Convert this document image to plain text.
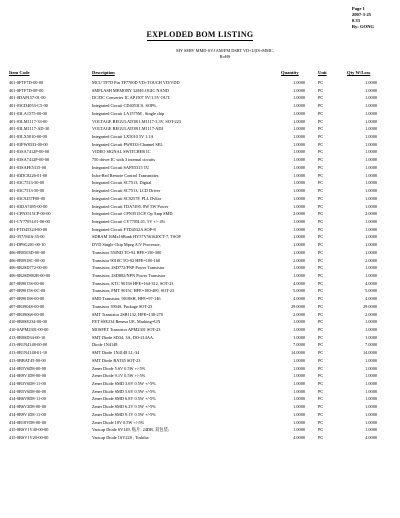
Page 1
2007-3-25
0.33
By: GONG
EXPLODED BOM LISTING
MY SERV MMD-SVJ AM/FM DSRT VD+U(IS+MMC,
RoHS
Item Code	Description	Quantity	Unit	Qty W/Loss
401-0FTF7D-00-00	MCU TF7D Pin TF7700D VD+TOUCH VD/VDD	1.0000	PC	1.0000
401-0FTF7D-0F-00	SMFLASH MEMORY 32M/LOGIC NAND	1.0000	PC	1.0000
401-0DAP157-01-00	DC/DC Converter IC AP1507 5V/1.5V OUT,	1.0000	PC	1.0000
401-03CD4053-C5-00	Integrated Circuit CD4053CS, SOP6,	1.0000	PC	1.0000
401-03LA1575-00-00	Integrated Circuit LA1575M , Single chip	1.0000	PC	1.0000
401-03LM1117-33-00	VOLTAGE REGULATOR LM1117-3.3V, SOT-223	1.0000	PC	1.0000
401-03LM1117-AD-30	VOLTAGE REGULATOR LM1117-ADJ	1.0000	PC	1.0000
401-03LX5010-00-00	Integrated Circuit LX5010 5V 1.1A	1.0000	PC	1.0000
401-03PW8333-00-00	Integrated Circuit PW8333-Channel SEL	1.0000	PC	1.0000
401-03SA7412P-00-00	VIDEO SIGNAL SWITCHER IC	1.0000	PC	1.0000
401-03SA7412P-00-00	750 driver IC with 3 internal circuits	1.0000	PC	1.0000
401-03SAFE5315-00	Integrated Circuit SAFE5315 TU	1.0000	PC	1.0000
401-03DC8226-01-00	Infra-Red Remote Control Transmitter,	1.0000	PC	1.0000
401-03C7513-50-00	Integrated Circuit SC7513, Digital	1.0000	PC	1.0000
401-03C7513-50-00	Integrated Circuit SC7513, LCD Driver	1.0000	PC	1.0000
401-03C9257F00-00	Integrated Circuit SC9257F, PLL Dvltor	1.0000	PC	1.0000
401-03DA7495-00-00	Integrated Circuit TDA7495, 8W 5W Power	1.0000	PC	1.0000
401-CPN3515CP-00-00	Integrated Circuit CPN3515CP, Op Amp SMD,	2.0000	PC	2.0000
401-CY7705L01-00-00	Integrated Circuit CY7705L01, 5V +/- 4%	1.0000	PC	1.0000
401-FTD45324-00-00	Integrated Circuit FTD4532A SOP-8	1.0000	PC	1.0000
402-357/9416-35-00	SDRAM 16Mx16Bank HY57V561620CT-7, TSOP	1.0000	PC	1.0000
401-DP6G201-00-10	DVD Single Chip Mpeg A/V Processor,	1.0000	PC	1.0000
406-0B0503D-00-00	Transistor 550ND TO-92 HFE=150-300	1.0000	PC	1.0000
406-0B0918C-00-00	Transistor 9018C TO-92 HFE=100-160	2.0000	PC	2.0000
406-0B2SD772-00-00	Transistor, 2SD772/PNP Power Transistor	1.0000	PC	1.0000
406-0B2SD882B-00-00	Transistor, 2SD882/NPN Power Transistor	1.0000	PC	1.0000
407-0B9015S-00-00	Transistor, KTC 9015S HFE=164-312, SOT-23	4.0000	PC	4.0000
407-0B9015S-0C-00	Transistor, FMT 9015C HFE=180-400, SOT-23	5.0000	PC	5.0000
407-0B9018S-00-00	SMD Transistor, 9018SH, HFE=97-146	4.0000	PC	4.0000
407-0B3904S-00-00	Transistor 3904S, Package SOT-23	29.0000	PC	29.0000
407-0B3906S-00-00	SMT Transistor 2SB1132, HFE=138-270	2.0000	PC	2.0000
410-0B0SE234-00-00	FET SSE234 Renesa UE, Marking=UN	1.0000	PC	1.0000
410-0APM2301-00-00	MOSFET Transistor APM2301 SOT-23	1.0000	PC	1.0000
413-0B0SD34-00-10	SMT Diode SD34, 3A, DO-214AA,	1.0000	PC	1.0000
413-0B1N4148-00-00	Diode 1N4148	7.0000	PC	7.0000
413-0B1N4148-01-10	SMT Diode 1N4148 LL-34	14.0000	PC	14.0000
413-0BBAT45-00-00	SMT Diode BAT45 SOT-23	1.0000	PC	1.0000
414-0B5V6D8-00-00	Zener Diode 5.6V 0.5W +/-5%	1.0000	PC	1.0000
414-0B9V1D8-00-00	Zener Diode 9.1V 0.5W +/-5%	1.0000	PC	1.0000
414-0B3V6D8-11-00	Zener Diode SMD 3.6V 0.5W +/-5%	1.0000	PC	1.0000
414-0B5V6D8-00-00	Zener Diode SMD 5.6V 0.5W +/-5%	1.0000	PC	1.0000
414-0B6V8D8-11-00	Zener Diode SMD 6.8V 0.5W +/-5%	1.0000	PC	1.0000
414-0B6V2D8-00-00	Zener Diode SMD 6.2V 0.5W +/-5%	1.0000	PC	1.0000
414-0B9V1D8-11-00	Zener Diode SMD 9.1V 0.5W +/-5%	1.0000	PC	1.0000
414-0B18VD8-00-00	Zener Diode 18V 0.5W +/-5%	1.0000	PC	1.0000
415-0BSV1V40-00-00	Varicap Diode SV149, 贴片, 24DB, 双包装;	1.0000	PC	1.0000
415-0BSV1V20-00-00	Varicap Diode 1SV228 , Toshiba	4.0000	PC	4.0000
